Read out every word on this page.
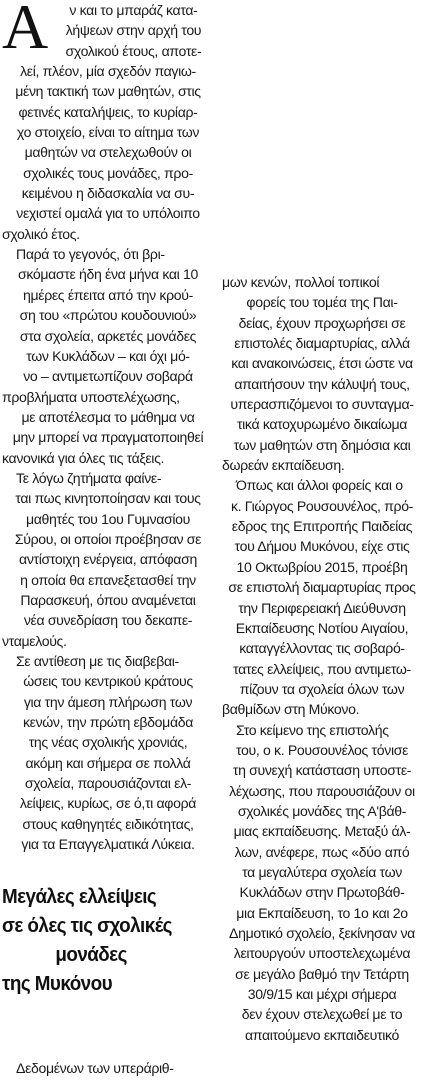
Α	ν και το μπαράζ κατα-
λήψεων στην αρχή του
σχολικού έτους, αποτε-
λεί, πλέον, μία σχεδόν παγιω-
μένη τακτική των μαθητών, στις
φετινές καταλήψεις, το κυρίαρ-
χο στοιχείο, είναι το αίτημα των
μαθητών να στελεχωθούν οι
σχολικές τους μονάδες, προ-
κειμένου η διδασκαλία να συ-
νεχιστεί ομαλά για το υπόλοιπο
σχολικό έτος.
Παρά το γεγονός, ότι βρι-
σκόμαστε ήδη ένα μήνα και 10
ημέρες έπειτα από την κρού-
ση του «πρώτου κουδουνιού»
στα σχολεία, αρκετές μονάδες
των Κυκλάδων – και όχι μό-
νο – αντιμετωπίζουν σοβαρά
προβλήματα υποστελέχωσης,
με αποτέλεσμα το μάθημα να
μην μπορεί να πραγματοποιηθεί
κανονικά για όλες τις τάξεις.
Τε λόγω ζητήματα φαίνε-
ται πως κινητοποίησαν και τους
μαθητές του 1ου Γυμνασίου
Σύρου, οι οποίοι προέβησαν σε
αντίστοιχη ενέργεια, απόφαση
η οποία θα επανεξετασθεί την
Παρασκευή, όπου αναμένεται
νέα συνεδρίαση του δεκαπε-
νταμελούς.
Σε αντίθεση με τις διαβεβαι-
ώσεις του κεντρικού κράτους
για την άμεση πλήρωση των
κενών, την πρώτη εβδομάδα
της νέας σχολικής χρονιάς,
ακόμη και σήμερα σε πολλά
σχολεία, παρουσιάζονται ελ-
λείψεις, κυρίως, σε ό,τι αφορά
στους καθηγητές ειδικότητας,
για τα Επαγγελματικά Λύκεια.
Μεγάλες ελλείψεις
σε όλες τις σχολικές
μονάδες
της Μυκόνου
Δεδομένων των υπεράριθ-
μων κενών, πολλοί τοπικοί
φορείς του τομέα της Παι-
δείας, έχουν προχωρήσει σε
επιστολές διαμαρτυρίας, αλλά
και ανακοινώσεις, έτσι ώστε να
απαιτήσουν την κάλυψή τους,
υπερασπιζόμενοι το συνταγμα-
τικά κατοχυρωμένο δικαίωμα
των μαθητών στη δημόσια και
δωρεάν εκπαίδευση.
Όπως και άλλοι φορείς και ο
κ. Γιώργος Ρουσουνέλος, πρό-
εδρος της Επιτροπής Παιδείας
του Δήμου Μυκόνου, είχε στις
10 Οκτωβρίου 2015, προέβη
σε επιστολή διαμαρτυρίας προς
την Περιφερειακή Διεύθυνση
Εκπαίδευσης Νοτίου Αιγαίου,
καταγγέλλοντας τις σοβαρό-
τατες ελλείψεις, που αντιμετω-
πίζουν τα σχολεία όλων των
βαθμίδων στη Μύκονο.
Στο κείμενο της επιστολής
του, ο κ. Ρουσουνέλος τόνισε
τη συνεχή κατάσταση υποστε-
λέχωσης, που παρουσιάζουν οι
σχολικές μονάδες της Α'βάθ-
μιας εκπαίδευσης. Μεταξύ άλ-
λων, ανέφερε, πως «δύο από
τα μεγαλύτερα σχολεία των
Κυκλάδων στην Πρωτοβάθ-
μια Εκπαίδευση, το 1ο και 2ο
Δημοτικό σχολείο, ξεκίνησαν να
λειτουργούν υποστελεχωμένα
σε μεγάλο βαθμό την Τετάρτη
30/9/15 και μέχρι σήμερα
δεν έχουν στελεχωθεί με το
απαιτούμενο εκπαιδευτικό
